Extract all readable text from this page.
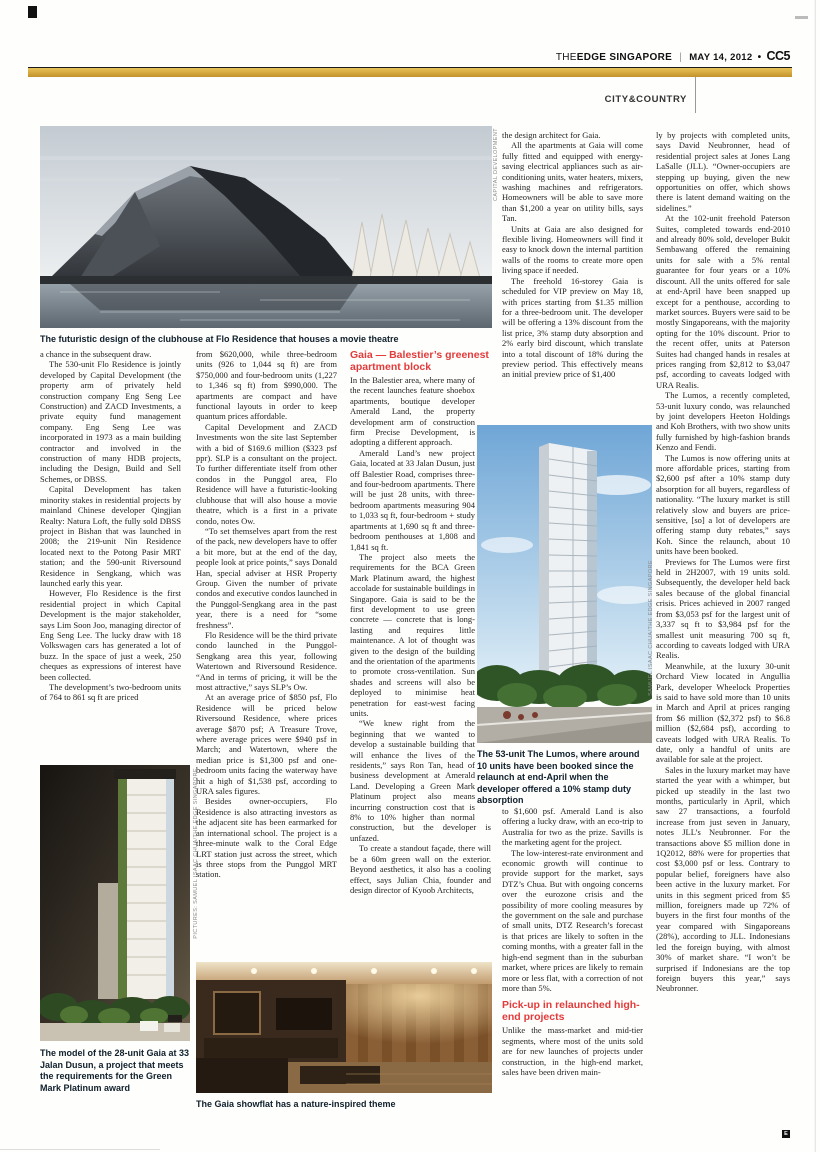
THEEDGE SINGAPORE | MAY 14, 2012 • CC5
CITY&COUNTRY
CAPITAL DEVELOPMENT
The futuristic design of the clubhouse at Flo Residence that houses a movie theatre

a chance in the subsequent draw.

The 530-unit Flo Residence is jointly developed by Capital Development (the property arm of privately held construction company Eng Seng Lee Construction) and ZACD Investments, a private equity fund management company. Eng Seng Lee was incorporated in 1973 as a main building contractor and involved in the construction of many HDB projects, including the Design, Build and Sell Schemes, or DBSS.

Capital Development has taken minority stakes in residential projects by mainland Chinese developer Qingjian Realty: Natura Loft, the fully sold DBSS project in Bishan that was launched in 2008; the 219-unit Nin Residence located next to the Potong Pasir MRT station; and the 590-unit Riversound Residence in Sengkang, which was launched early this year.

However, Flo Residence is the first residential project in which Capital Development is the major stakeholder, says Lim Soon Joo, managing director of Eng Seng Lee. The lucky draw with 18 Volkswagen cars has generated a lot of buzz. In the space of just a week, 250 cheques as expressions of interest have been collected.

The development’s two-bedroom units of 764 to 861 sq ft are priced

PICTURES: SAMUEL ISAAC CHUA/THE EDGE SINGAPORE
The model of the 28-unit Gaia at 33 Jalan Dusun, a project that meets the requirements for the Green Mark Platinum award

from $620,000, while three-bedroom units (926 to 1,044 sq ft) are from $750,000 and four-bedroom units (1,227 to 1,346 sq ft) from $990,000. The apartments are compact and have functional layouts in order to keep quantum prices affordable.

Capital Development and ZACD Investments won the site last September with a bid of $169.6 million ($323 psf ppr). SLP is a consultant on the project. To further differentiate itself from other condos in the Punggol area, Flo Residence will have a futuristic-looking clubhouse that will also house a movie theatre, which is a first in a private condo, notes Ow.

“To set themselves apart from the rest of the pack, new developers have to offer a bit more, but at the end of the day, people look at price points,” says Donald Han, special adviser at HSR Property Group. Given the number of private condos and executive condos launched in the Punggol-Sengkang area in the past year, there is a need for “some freshness”.

Flo Residence will be the third private condo launched in the Punggol-Sengkang area this year, following Watertown and Riversound Residence. “And in terms of pricing, it will be the most attractive,” says SLP’s Ow.

At an average price of $850 psf, Flo Residence will be priced below Riversound Residence, where prices average $870 psf; A Treasure Trove, where average prices were $940 psf in March; and Watertown, where the median price is $1,300 psf and one-bedroom units facing the waterway have hit a high of $1,538 psf, according to URA sales figures.

Besides owner-occupiers, Flo Residence is also attracting investors as the adjacent site has been earmarked for an international school. The project is a three-minute walk to the Coral Edge LRT station just across the street, which is three stops from the Punggol MRT station.

The Gaia showflat has a nature-inspired theme
Gaia — Balestier’s greenest apartment block

In the Balestier area, where many of the recent launches feature shoebox apartments, boutique developer Amerald Land, the property development arm of construction firm Precise Development, is adopting a different approach.

Amerald Land’s new project Gaia, located at 33 Jalan Dusun, just off Balestier Road, comprises three- and four-bedroom apartments. There will be just 28 units, with three-bedroom apartments measuring 904 to 1,033 sq ft, four-bedroom + study apartments at 1,690 sq ft and three-bedroom penthouses at 1,808 and 1,841 sq ft.

The project also meets the requirements for the BCA Green Mark Platinum award, the highest accolade for sustainable buildings in Singapore. Gaia is said to be the first development to use green concrete — concrete that is long-lasting and requires little maintenance. A lot of thought was given to the design of the building and the orientation of the apartments to promote cross-ventilation. Sun shades and screens will also be deployed to minimise heat penetration for east-west facing units.

“We knew right from the beginning that we wanted to develop a sustainable building that will enhance the lives of the residents,” says Ron Tan, head of business development at Amerald Land. Developing a Green Mark Platinum project also means incurring construction cost that is 8% to 10% higher than normal construction, but the developer is unfazed.

To create a standout façade, there will be a 60m green wall on the exterior. Beyond aesthetics, it also has a cooling effect, says Julian Chia, founder and design director of Kyoob Architects,

the design architect for Gaia.

All the apartments at Gaia will come fully fitted and equipped with energy-saving electrical appliances such as air-conditioning units, water heaters, mixers, washing machines and refrigerators. Homeowners will be able to save more than $1,200 a year on utility bills, says Tan.

Units at Gaia are also designed for flexible living. Homeowners will find it easy to knock down the internal partition walls of the rooms to create more open living space if needed.

The freehold 16-storey Gaia is scheduled for VIP preview on May 18, with prices starting from $1.35 million for a three-bedroom unit. The developer will be offering a 13% discount from the list price, 3% stamp duty absorption and 2% early bird discount, which translate into a total discount of 18% during the preview period. This effectively means an initial preview price of $1,400

SAMUEL ISAAC CHUA/THE EDGE SINGAPORE
The 53-unit The Lumos, where around 10 units have been booked since the relaunch at end-April when the developer offered a 10% stamp duty absorption

to $1,600 psf. Amerald Land is also offering a lucky draw, with an eco-trip to Australia for two as the prize. Savills is the marketing agent for the project.

The low-interest-rate environment and economic growth will continue to provide support for the market, says DTZ’s Chua. But with ongoing concerns over the eurozone crisis and the possibility of more cooling measures by the government on the sale and purchase of small units, DTZ Research’s forecast is that prices are likely to soften in the coming months, with a greater fall in the high-end segment than in the suburban market, where prices are likely to remain more or less flat, with a correction of not more than 5%.

Pick-up in relaunched high-end projects

Unlike the mass-market and mid-tier segments, where most of the units sold are for new launches of projects under construction, in the high-end market, sales have been driven main-

ly by projects with completed units, says David Neubronner, head of residential project sales at Jones Lang LaSalle (JLL). “Owner-occupiers are stepping up buying, given the new opportunities on offer, which shows there is latent demand waiting on the sidelines.”

At the 102-unit freehold Paterson Suites, completed towards end-2010 and already 80% sold, developer Bukit Sembawang offered the remaining units for sale with a 5% rental guarantee for four years or a 10% discount. All the units offered for sale at end-April have been snapped up except for a penthouse, according to market sources. Buyers were said to be mostly Singaporeans, with the majority opting for the 10% discount. Prior to the recent offer, units at Paterson Suites had changed hands in resales at prices ranging from $2,812 to $3,047 psf, according to caveats lodged with URA Realis.

The Lumos, a recently completed, 53-unit luxury condo, was relaunched by joint developers Heeton Holdings and Koh Brothers, with two show units fully furnished by high-fashion brands Kenzo and Fendi.

The Lumos is now offering units at more affordable prices, starting from $2,600 psf after a 10% stamp duty absorption for all buyers, regardless of nationality. “The luxury market is still relatively slow and buyers are price-sensitive, [so] a lot of developers are offering stamp duty rebates,” says Koh. Since the relaunch, about 10 units have been booked.

Previews for The Lumos were first held in 2H2007, with 19 units sold. Subsequently, the developer held back sales because of the global financial crisis. Prices achieved in 2007 ranged from $3,053 psf for the largest unit of 3,337 sq ft to $3,984 psf for the smallest unit measuring 700 sq ft, according to caveats lodged with URA Realis.

Meanwhile, at the luxury 30-unit Orchard View located in Angullia Park, developer Wheelock Properties is said to have sold more than 10 units in March and April at prices ranging from $6 million ($2,372 psf) to $6.8 million ($2,684 psf), according to caveats lodged with URA Realis. To date, only a handful of units are available for sale at the project.

Sales in the luxury market may have started the year with a whimper, but picked up steadily in the last two months, particularly in April, which saw 27 transactions, a fourfold increase from just seven in January, notes JLL’s Neubronner. For the transactions above $5 million done in 1Q2012, 88% were for properties that cost $3,000 psf or less. Contrary to popular belief, foreigners have also been active in the luxury market. For units in this segment priced from $5 million, foreigners made up 72% of buyers in the first four months of the year compared with Singaporeans (28%), according to JLL. Indonesians led the foreign buying, with almost 30% of market share. “I won’t be surprised if Indonesians are the top foreign buyers this year,” says Neubronner.

E
